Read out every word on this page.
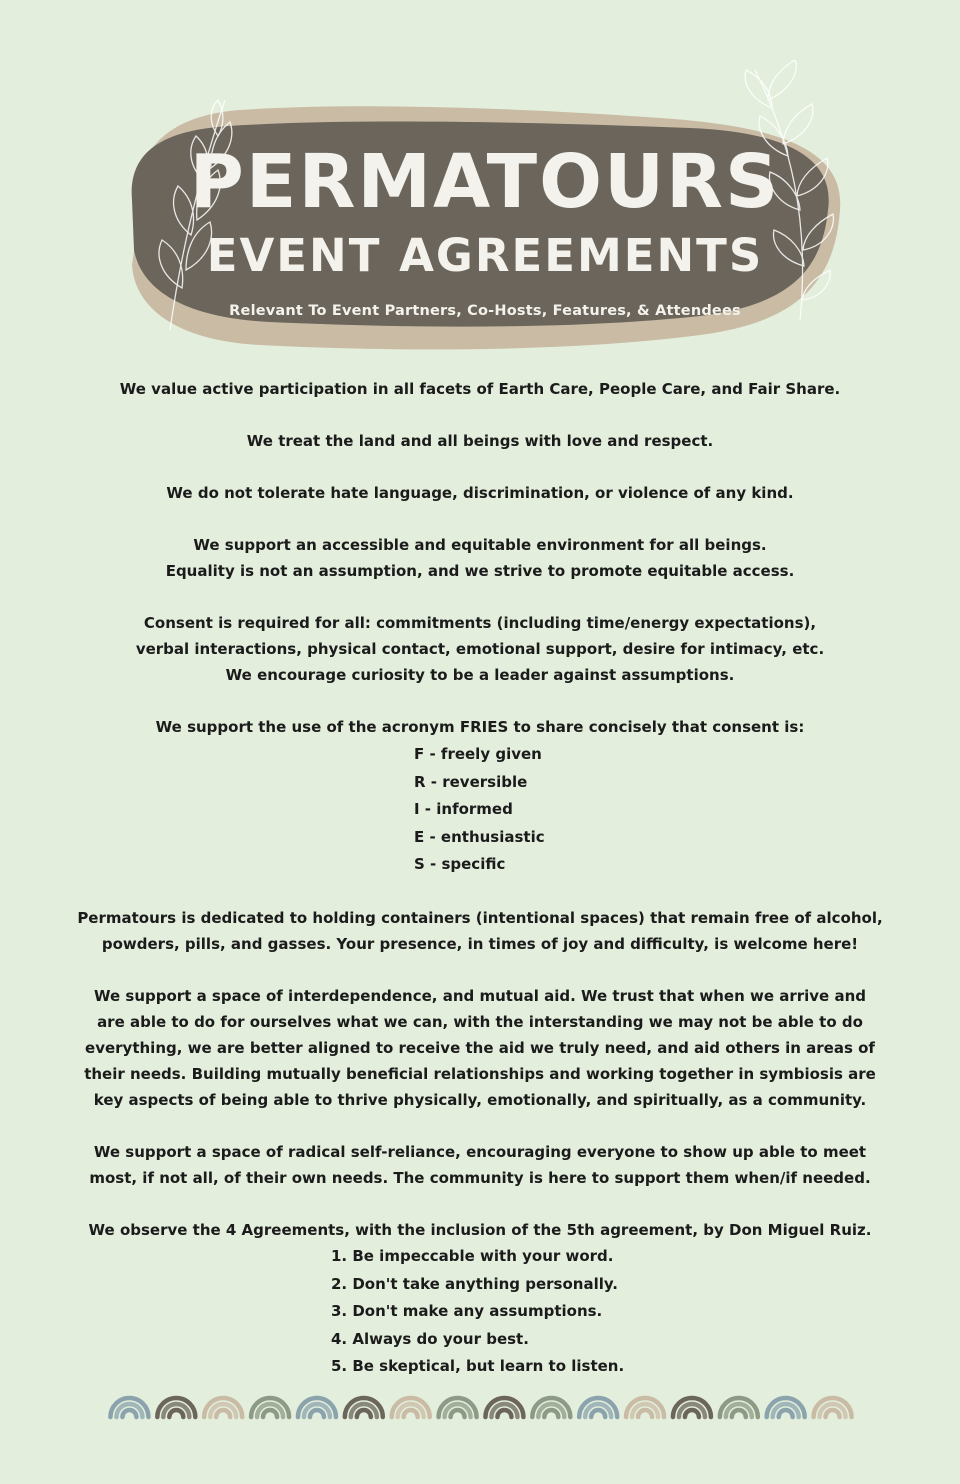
PERMATOURS
EVENT AGREEMENTS
Relevant To Event Partners, Co-Hosts, Features, & Attendees

We value active participation in all facets of Earth Care, People Care, and Fair Share.

We treat the land and all beings with love and respect.

We do not tolerate hate language, discrimination, or violence of any kind.

We support an accessible and equitable environment for all beings.

Equality is not an assumption, and we strive to promote equitable access.

Consent is required for all: commitments (including time/energy expectations),

verbal interactions, physical contact, emotional support, desire for intimacy, etc.

We encourage curiosity to be a leader against assumptions.

We support the use of the acronym FRIES to share concisely that consent is:

F - freely given
R - reversible
I - informed
E - enthusiastic
S - specific

Permatours is dedicated to holding containers (intentional spaces) that remain free of alcohol,

powders, pills, and gasses. Your presence, in times of joy and difficulty, is welcome here!

We support a space of interdependence, and mutual aid. We trust that when we arrive and

are able to do for ourselves what we can, with the interstanding we may not be able to do

everything, we are better aligned to receive the aid we truly need, and aid others in areas of

their needs. Building mutually beneficial relationships and working together in symbiosis are

key aspects of being able to thrive physically, emotionally, and spiritually, as a community.

We support a space of radical self-reliance, encouraging everyone to show up able to meet

most, if not all, of their own needs. The community is here to support them when/if needed.

We observe the 4 Agreements, with the inclusion of the 5th agreement, by Don Miguel Ruiz.

1. Be impeccable with your word.
2. Don't take anything personally.
3. Don't make any assumptions.
4. Always do your best.
5. Be skeptical, but learn to listen.
